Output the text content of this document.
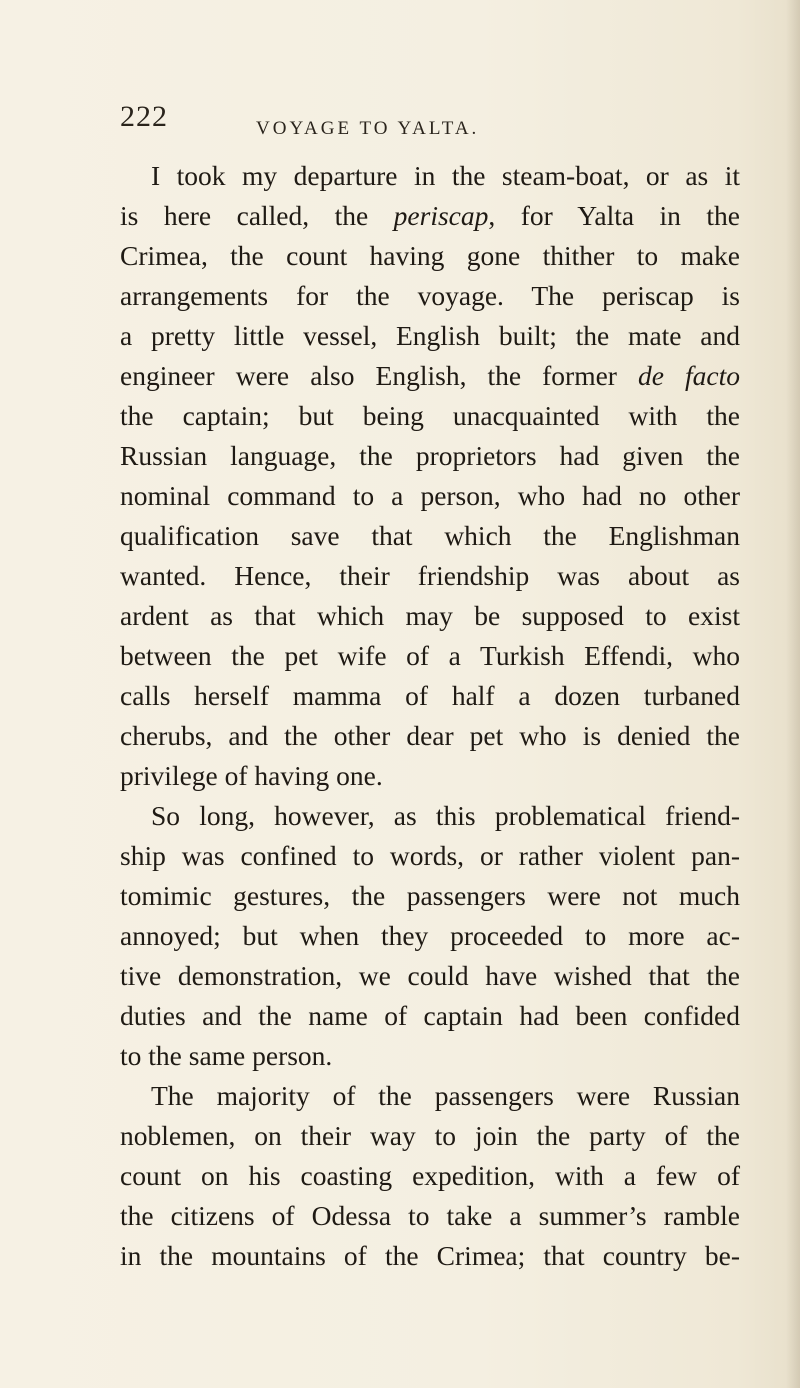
222	VOYAGE TO YALTA.
I took my departure in the steam-boat, or as it
is here called, the periscap, for Yalta in the
Crimea, the count having gone thither to make
arrangements for the voyage. The periscap is
a pretty little vessel, English built; the mate and
engineer were also English, the former de facto
the captain; but being unacquainted with the
Russian language, the proprietors had given the
nominal command to a person, who had no other
qualification save that which the Englishman
wanted. Hence, their friendship was about as
ardent as that which may be supposed to exist
between the pet wife of a Turkish Effendi, who
calls herself mamma of half a dozen turbaned
cherubs, and the other dear pet who is denied the
privilege of having one.
So long, however, as this problematical friend-
ship was confined to words, or rather violent pan-
tomimic gestures, the passengers were not much
annoyed; but when they proceeded to more ac-
tive demonstration, we could have wished that the
duties and the name of captain had been confided
to the same person.
The majority of the passengers were Russian
noblemen, on their way to join the party of the
count on his coasting expedition, with a few of
the citizens of Odessa to take a summer’s ramble
in the mountains of the Crimea; that country be-
